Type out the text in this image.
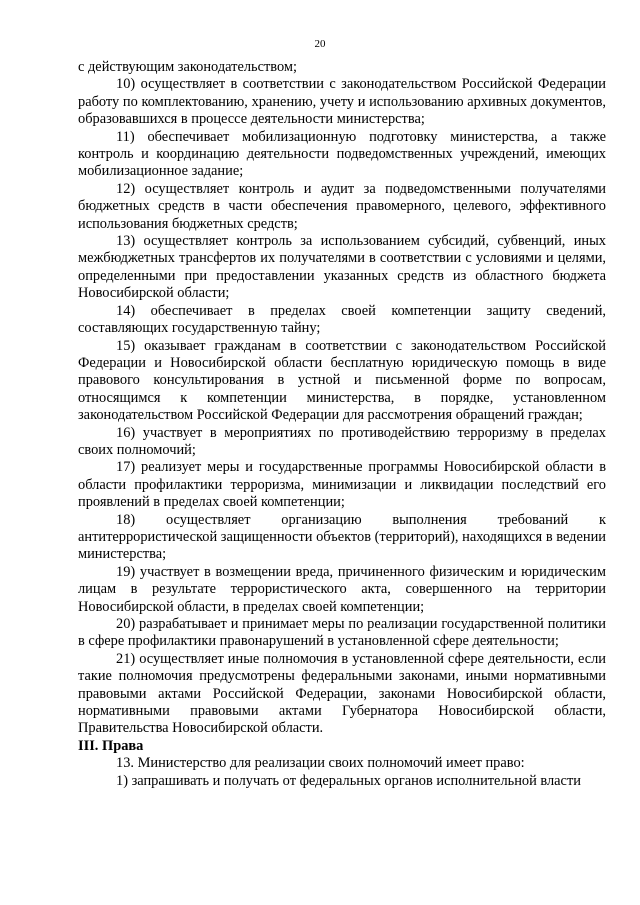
20

с действующим законодательством;

10) осуществляет в соответствии с законодательством Российской Федерации работу по комплектованию, хранению, учету и использованию архивных документов, образовавшихся в процессе деятельности министерства;

11) обеспечивает мобилизационную подготовку министерства, а также контроль и координацию деятельности подведомственных учреждений, имеющих мобилизационное задание;

12) осуществляет контроль и аудит за подведомственными получателями бюджетных средств в части обеспечения правомерного, целевого, эффективного использования бюджетных средств;

13) осуществляет контроль за использованием субсидий, субвенций, иных межбюджетных трансфертов их получателями в соответствии с условиями и целями, определенными при предоставлении указанных средств из областного бюджета Новосибирской области;

14) обеспечивает в пределах своей компетенции защиту сведений, составляющих государственную тайну;

15) оказывает гражданам в соответствии с законодательством Российской Федерации и Новосибирской области бесплатную юридическую помощь в виде правового консультирования в устной и письменной форме по вопросам, относящимся к компетенции министерства, в порядке, установленном законодательством Российской Федерации для рассмотрения обращений граждан;

16) участвует в мероприятиях по противодействию терроризму в пределах своих полномочий;

17) реализует меры и государственные программы Новосибирской области в области профилактики терроризма, минимизации и ликвидации последствий его проявлений в пределах своей компетенции;

18) осуществляет организацию выполнения требований к антитеррористической защищенности объектов (территорий), находящихся в ведении министерства;

19) участвует в возмещении вреда, причиненного физическим и юридическим лицам в результате террористического акта, совершенного на территории Новосибирской области, в пределах своей компетенции;

20) разрабатывает и принимает меры по реализации государственной политики в сфере профилактики правонарушений в установленной сфере деятельности;

21) осуществляет иные полномочия в установленной сфере деятельности, если такие полномочия предусмотрены федеральными законами, иными нормативными правовыми актами Российской Федерации, законами Новосибирской области, нормативными правовыми актами Губернатора Новосибирской области, Правительства Новосибирской области.

III. Права

13. Министерство для реализации своих полномочий имеет право:

1) запрашивать и получать от федеральных органов исполнительной власти
